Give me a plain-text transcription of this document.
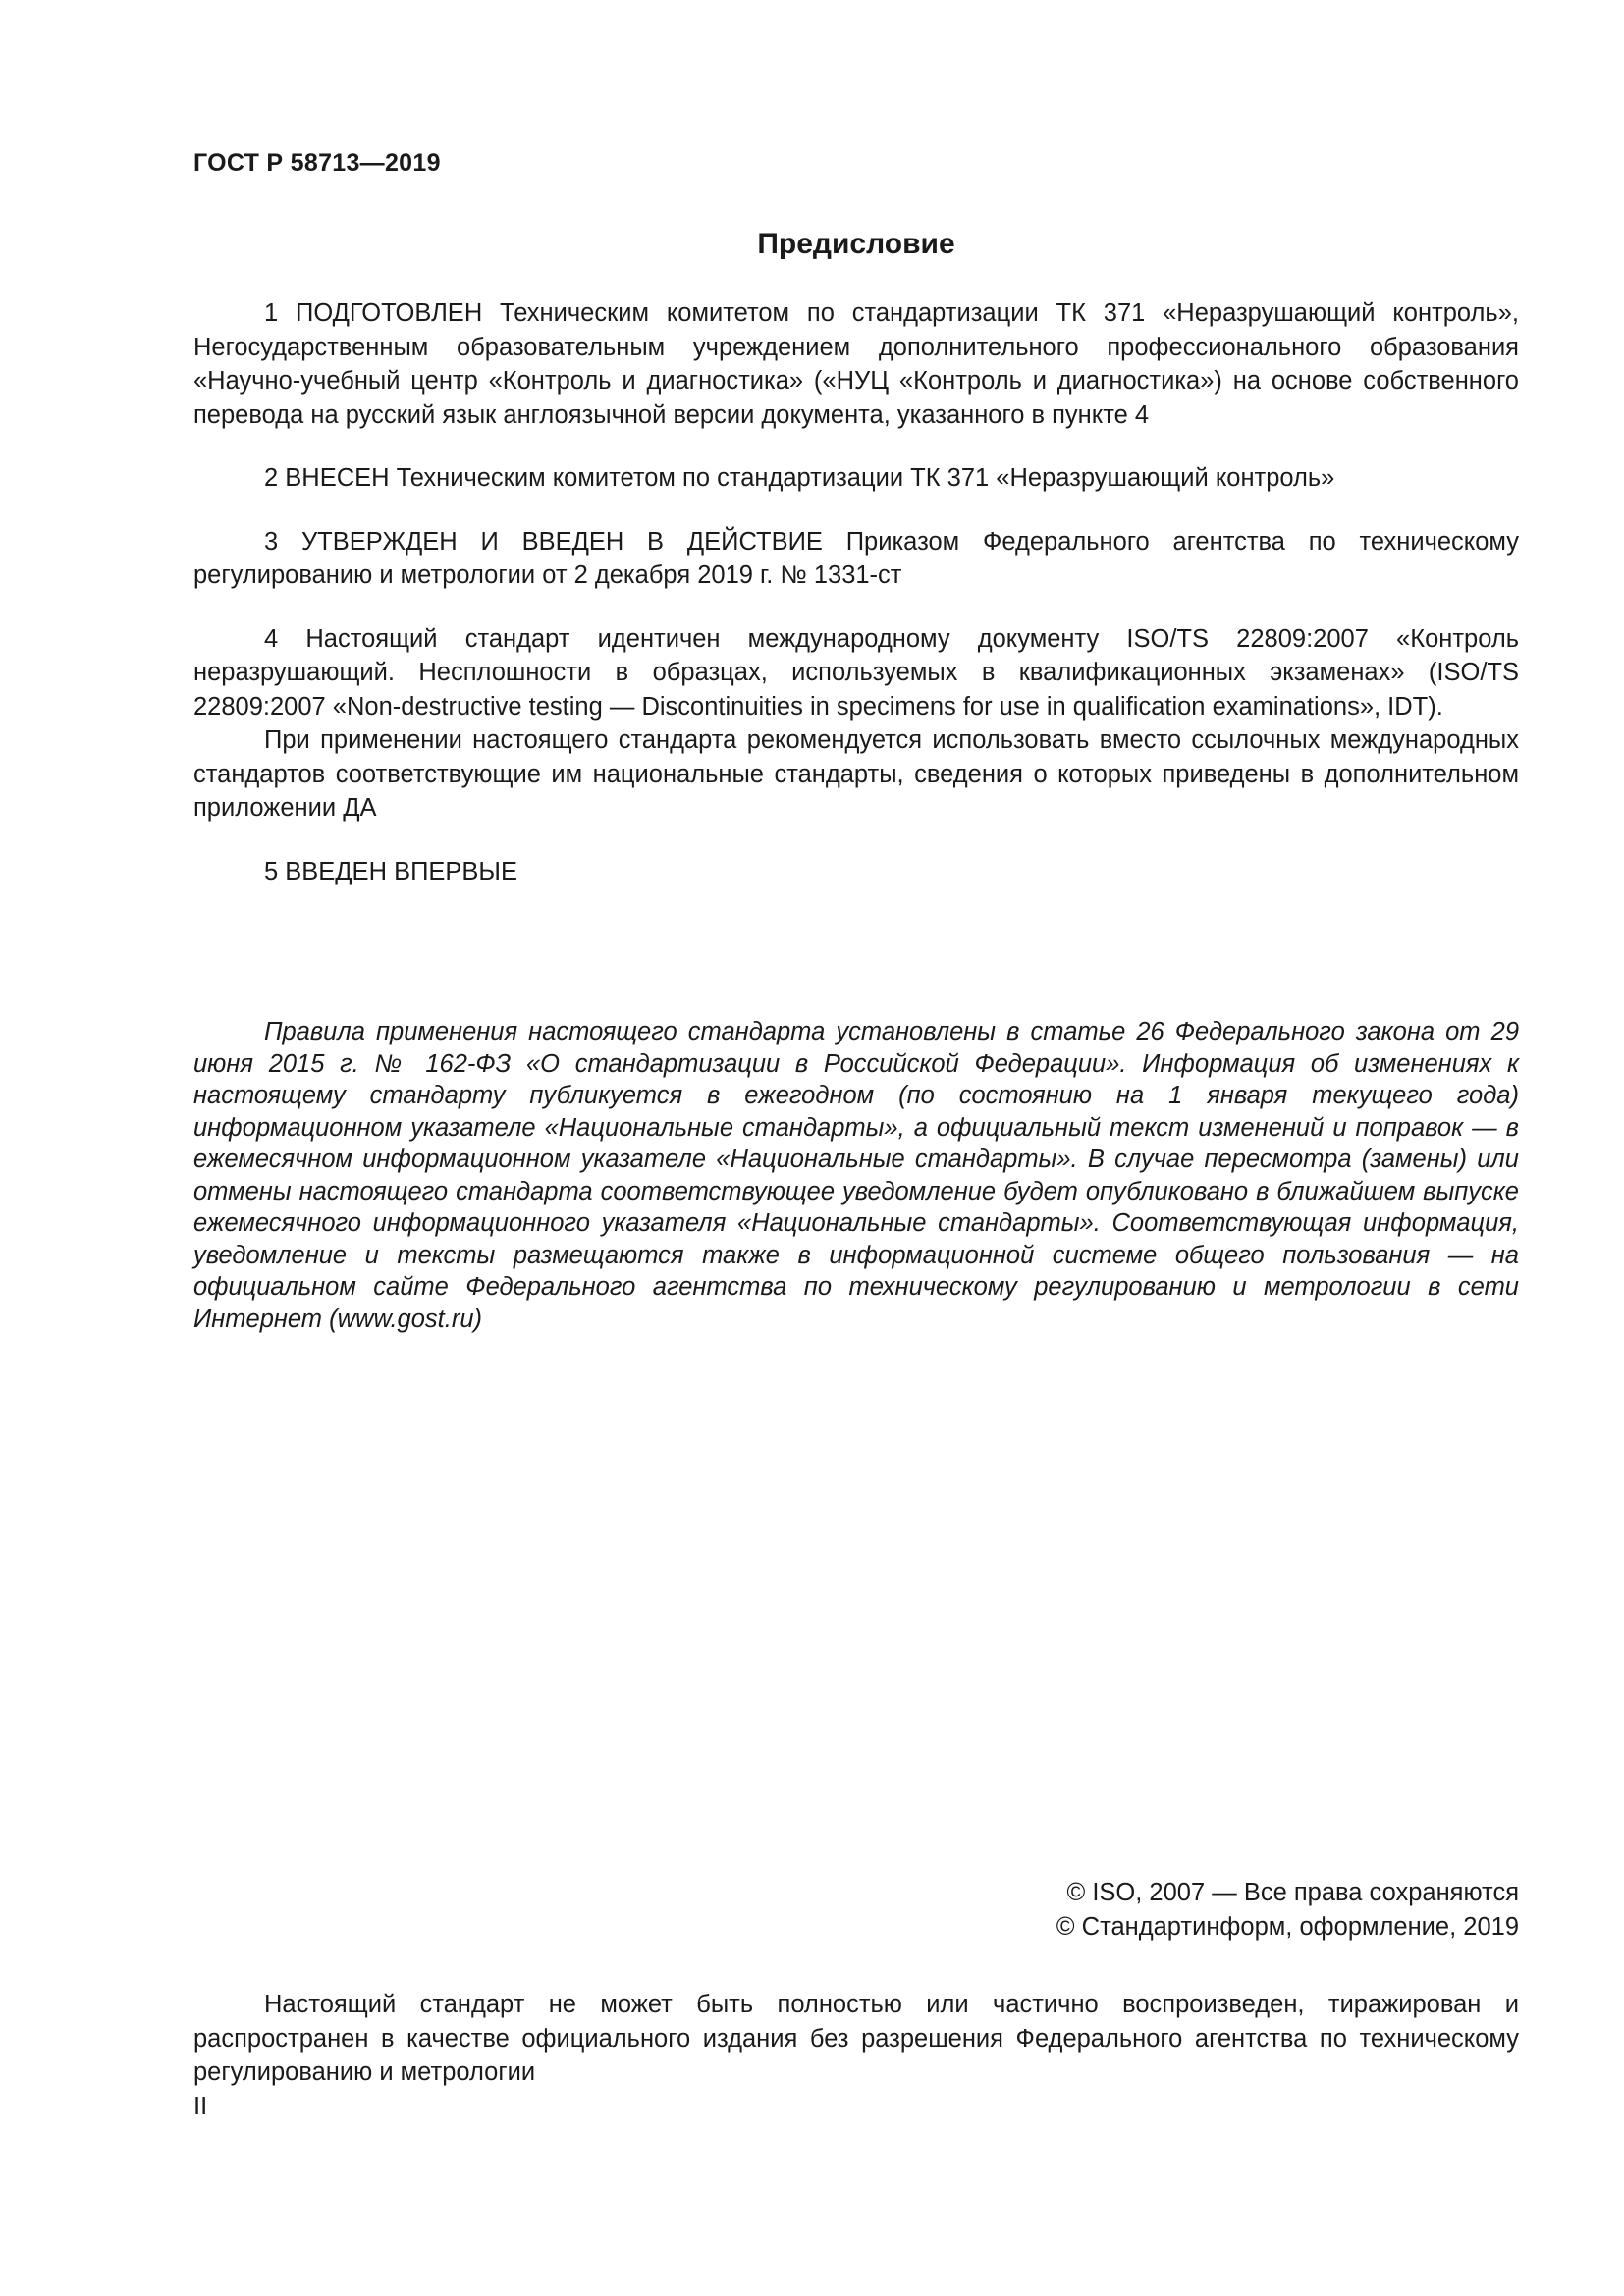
ГОСТ Р 58713—2019
Предисловие

1 ПОДГОТОВЛЕН Техническим комитетом по стандартизации ТК 371 «Неразрушающий контроль», Негосударственным образовательным учреждением дополнительного профессионального образования «Научно-учебный центр «Контроль и диагностика» («НУЦ «Контроль и диагностика») на основе собственного перевода на русский язык англоязычной версии документа, указанного в пункте 4

2 ВНЕСЕН Техническим комитетом по стандартизации ТК 371 «Неразрушающий контроль»

3 УТВЕРЖДЕН И ВВЕДЕН В ДЕЙСТВИЕ Приказом Федерального агентства по техническому регулированию и метрологии от 2 декабря 2019 г. № 1331-ст

4 Настоящий стандарт идентичен международному документу ISO/TS 22809:2007 «Контроль неразрушающий. Несплошности в образцах, используемых в квалификационных экзаменах» (ISO/TS 22809:2007 «Non-destructive testing — Discontinuities in specimens for use in qualification examinations», IDT).

При применении настоящего стандарта рекомендуется использовать вместо ссылочных международных стандартов соответствующие им национальные стандарты, сведения о которых приведены в дополнительном приложении ДА

5 ВВЕДЕН ВПЕРВЫЕ

Правила применения настоящего стандарта установлены в статье 26 Федерального закона от 29 июня 2015 г. № 162-ФЗ «О стандартизации в Российской Федерации». Информация об изменениях к настоящему стандарту публикуется в ежегодном (по состоянию на 1 января текущего года) информационном указателе «Национальные стандарты», а официальный текст изменений и поправок — в ежемесячном информационном указателе «Национальные стандарты». В случае пересмотра (замены) или отмены настоящего стандарта соответствующее уведомление будет опубликовано в ближайшем выпуске ежемесячного информационного указателя «Национальные стандарты». Соответствующая информация, уведомление и тексты размещаются также в информационной системе общего пользования — на официальном сайте Федерального агентства по техническому регулированию и метрологии в сети Интернет (www.gost.ru)

© ISO, 2007 — Все права сохраняются
© Стандартинформ, оформление, 2019

Настоящий стандарт не может быть полностью или частично воспроизведен, тиражирован и распространен в качестве официального издания без разрешения Федерального агентства по техническому регулированию и метрологии

II
